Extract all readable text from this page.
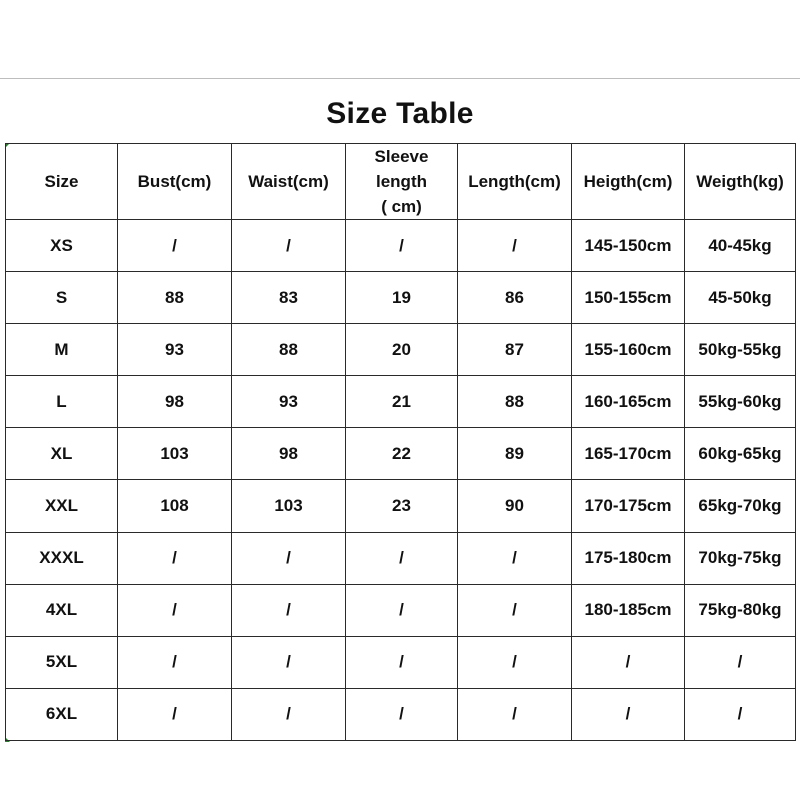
Size Table
Size	Bust(cm)	Waist(cm)	Sleeve
length
( cm)	Length(cm)	Heigth(cm)	Weigth(kg)

XS	/	/	/	/	145-150cm	40-45kg
S	88	83	19	86	150-155cm	45-50kg
M	93	88	20	87	155-160cm	50kg-55kg
L	98	93	21	88	160-165cm	55kg-60kg
XL	103	98	22	89	165-170cm	60kg-65kg
XXL	108	103	23	90	170-175cm	65kg-70kg
XXXL	/	/	/	/	175-180cm	70kg-75kg
4XL	/	/	/	/	180-185cm	75kg-80kg
5XL	/	/	/	/	/	/
6XL	/	/	/	/	/	/
